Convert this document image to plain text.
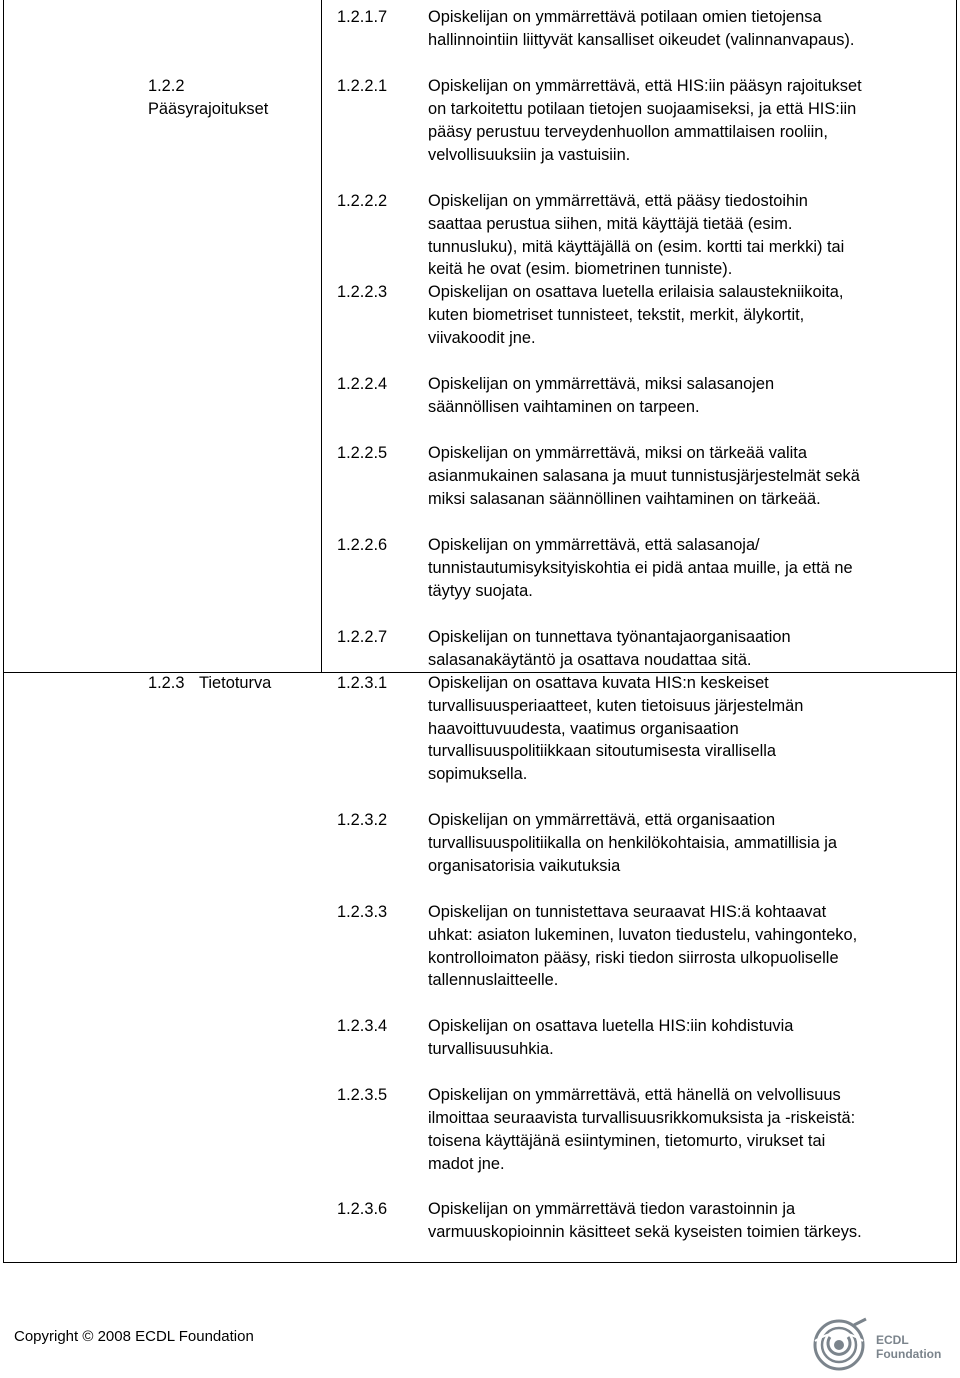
1.2.1.7 Opiskelijan on ymmärrettävä potilaan omien tietojensa
hallinnointiin liittyvät kansalliset oikeudet (valinnanvapaus).
1.2.2
Pääsyrajoitukset
1.2.2.1 Opiskelijan on ymmärrettävä, että HIS:iin pääsyn rajoitukset
on tarkoitettu potilaan tietojen suojaamiseksi, ja että HIS:iin
pääsy perustuu terveydenhuollon ammattilaisen rooliin,
velvollisuuksiin ja vastuisiin.
1.2.2.2 Opiskelijan on ymmärrettävä, että pääsy tiedostoihin
saattaa perustua siihen, mitä käyttäjä tietää (esim.
tunnusluku), mitä käyttäjällä on (esim. kortti tai merkki) tai
keitä he ovat (esim. biometrinen tunniste).
1.2.2.3 Opiskelijan on osattava luetella erilaisia salaustekniikoita,
kuten biometriset tunnisteet, tekstit, merkit, älykortit,
viivakoodit jne.
1.2.2.4 Opiskelijan on ymmärrettävä, miksi salasanojen
säännöllisen vaihtaminen on tarpeen.
1.2.2.5 Opiskelijan on ymmärrettävä, miksi on tärkeää valita
asianmukainen salasana ja muut tunnistusjärjestelmät sekä
miksi salasanan säännöllinen vaihtaminen on tärkeää.
1.2.2.6 Opiskelijan on ymmärrettävä, että salasanoja/
tunnistautumisyksityiskohtia ei pidä antaa muille, ja että ne
täytyy suojata.
1.2.2.7 Opiskelijan on tunnettava työnantajaorganisaation
salasanakäytäntö ja osattava noudattaa sitä.
1.2.3 Tietoturva	1.2.3.1 Opiskelijan on osattava kuvata HIS:n keskeiset
turvallisuusperiaatteet, kuten tietoisuus järjestelmän
haavoittuvuudesta, vaatimus organisaation
turvallisuuspolitiikkaan sitoutumisesta virallisella
sopimuksella.
1.2.3.2 Opiskelijan on ymmärrettävä, että organisaation
turvallisuuspolitiikalla on henkilökohtaisia, ammatillisia ja
organisatorisia vaikutuksia
1.2.3.3 Opiskelijan on tunnistettava seuraavat HIS:ä kohtaavat
uhkat: asiaton lukeminen, luvaton tiedustelu, vahingonteko,
kontrolloimaton pääsy, riski tiedon siirrosta ulkopuoliselle
tallennuslaitteelle.
1.2.3.4 Opiskelijan on osattava luetella HIS:iin kohdistuvia
turvallisuusuhkia.
1.2.3.5 Opiskelijan on ymmärrettävä, että hänellä on velvollisuus
ilmoittaa seuraavista turvallisuusrikkomuksista ja -riskeistä:
toisena käyttäjänä esiintyminen, tietomurto, virukset tai
madot jne.
1.2.3.6 Opiskelijan on ymmärrettävä tiedon varastoinnin ja
varmuuskopioinnin käsitteet sekä kyseisten toimien tärkeys.
Copyright © 2008 ECDL Foundation	ECDL
Foundation
